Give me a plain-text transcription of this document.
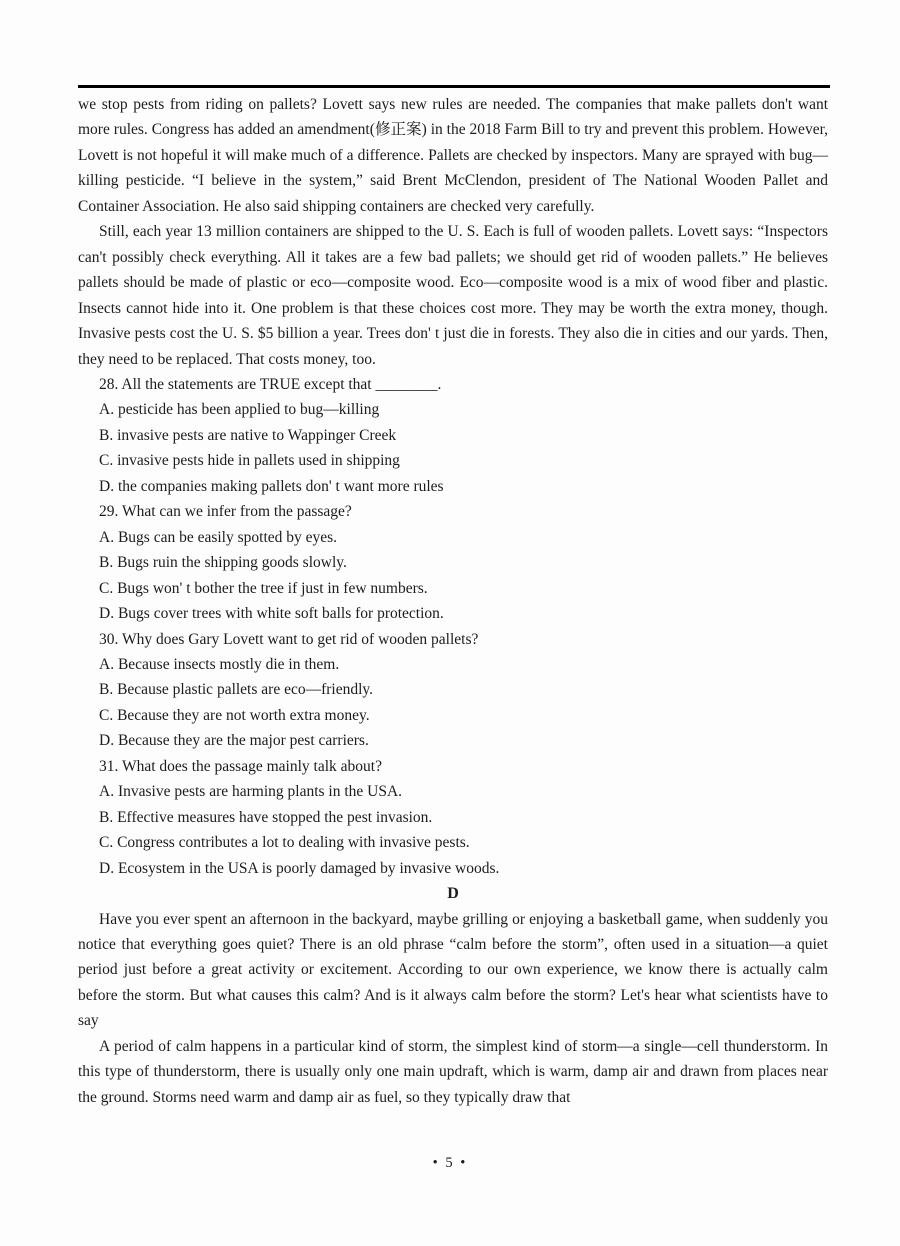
we stop pests from riding on pallets? Lovett says new rules are needed. The companies that make pallets don't want more rules. Congress has added an amendment(修正案) in the 2018 Farm Bill to try and prevent this problem. However, Lovett is not hopeful it will make much of a difference. Pallets are checked by inspectors. Many are sprayed with bug—killing pesticide. “I believe in the system,” said Brent McClendon, president of The National Wooden Pallet and Container Association. He also said shipping containers are checked very carefully.

Still, each year 13 million containers are shipped to the U. S. Each is full of wooden pallets. Lovett says: “Inspectors can't possibly check everything. All it takes are a few bad pallets; we should get rid of wooden pallets.” He believes pallets should be made of plastic or eco—composite wood. Eco—composite wood is a mix of wood fiber and plastic. Insects cannot hide into it. One problem is that these choices cost more. They may be worth the extra money, though. Invasive pests cost the U. S. $5 billion a year. Trees don' t just die in forests. They also die in cities and our yards. Then, they need to be replaced. That costs money, too.

28. All the statements are TRUE except that ________.
A. pesticide has been applied to bug—killing
B. invasive pests are native to Wappinger Creek
C. invasive pests hide in pallets used in shipping
D. the companies making pallets don' t want more rules
29. What can we infer from the passage?
A. Bugs can be easily spotted by eyes.
B. Bugs ruin the shipping goods slowly.
C. Bugs won' t bother the tree if just in few numbers.
D. Bugs cover trees with white soft balls for protection.
30. Why does Gary Lovett want to get rid of wooden pallets?
A. Because insects mostly die in them.
B. Because plastic pallets are eco—friendly.
C. Because they are not worth extra money.
D. Because they are the major pest carriers.
31. What does the passage mainly talk about?
A. Invasive pests are harming plants in the USA.
B. Effective measures have stopped the pest invasion.
C. Congress contributes a lot to dealing with invasive pests.
D. Ecosystem in the USA is poorly damaged by invasive woods.
D

Have you ever spent an afternoon in the backyard, maybe grilling or enjoying a basketball game, when suddenly you notice that everything goes quiet? There is an old phrase “calm before the storm”, often used in a situation—a quiet period just before a great activity or excitement. According to our own experience, we know there is actually calm before the storm. But what causes this calm? And is it always calm before the storm? Let's hear what scientists have to say

A period of calm happens in a particular kind of storm, the simplest kind of storm—a single—cell thunderstorm. In this type of thunderstorm, there is usually only one main updraft, which is warm, damp air and drawn from places near the ground. Storms need warm and damp air as fuel, so they typically draw that

• 5 •
